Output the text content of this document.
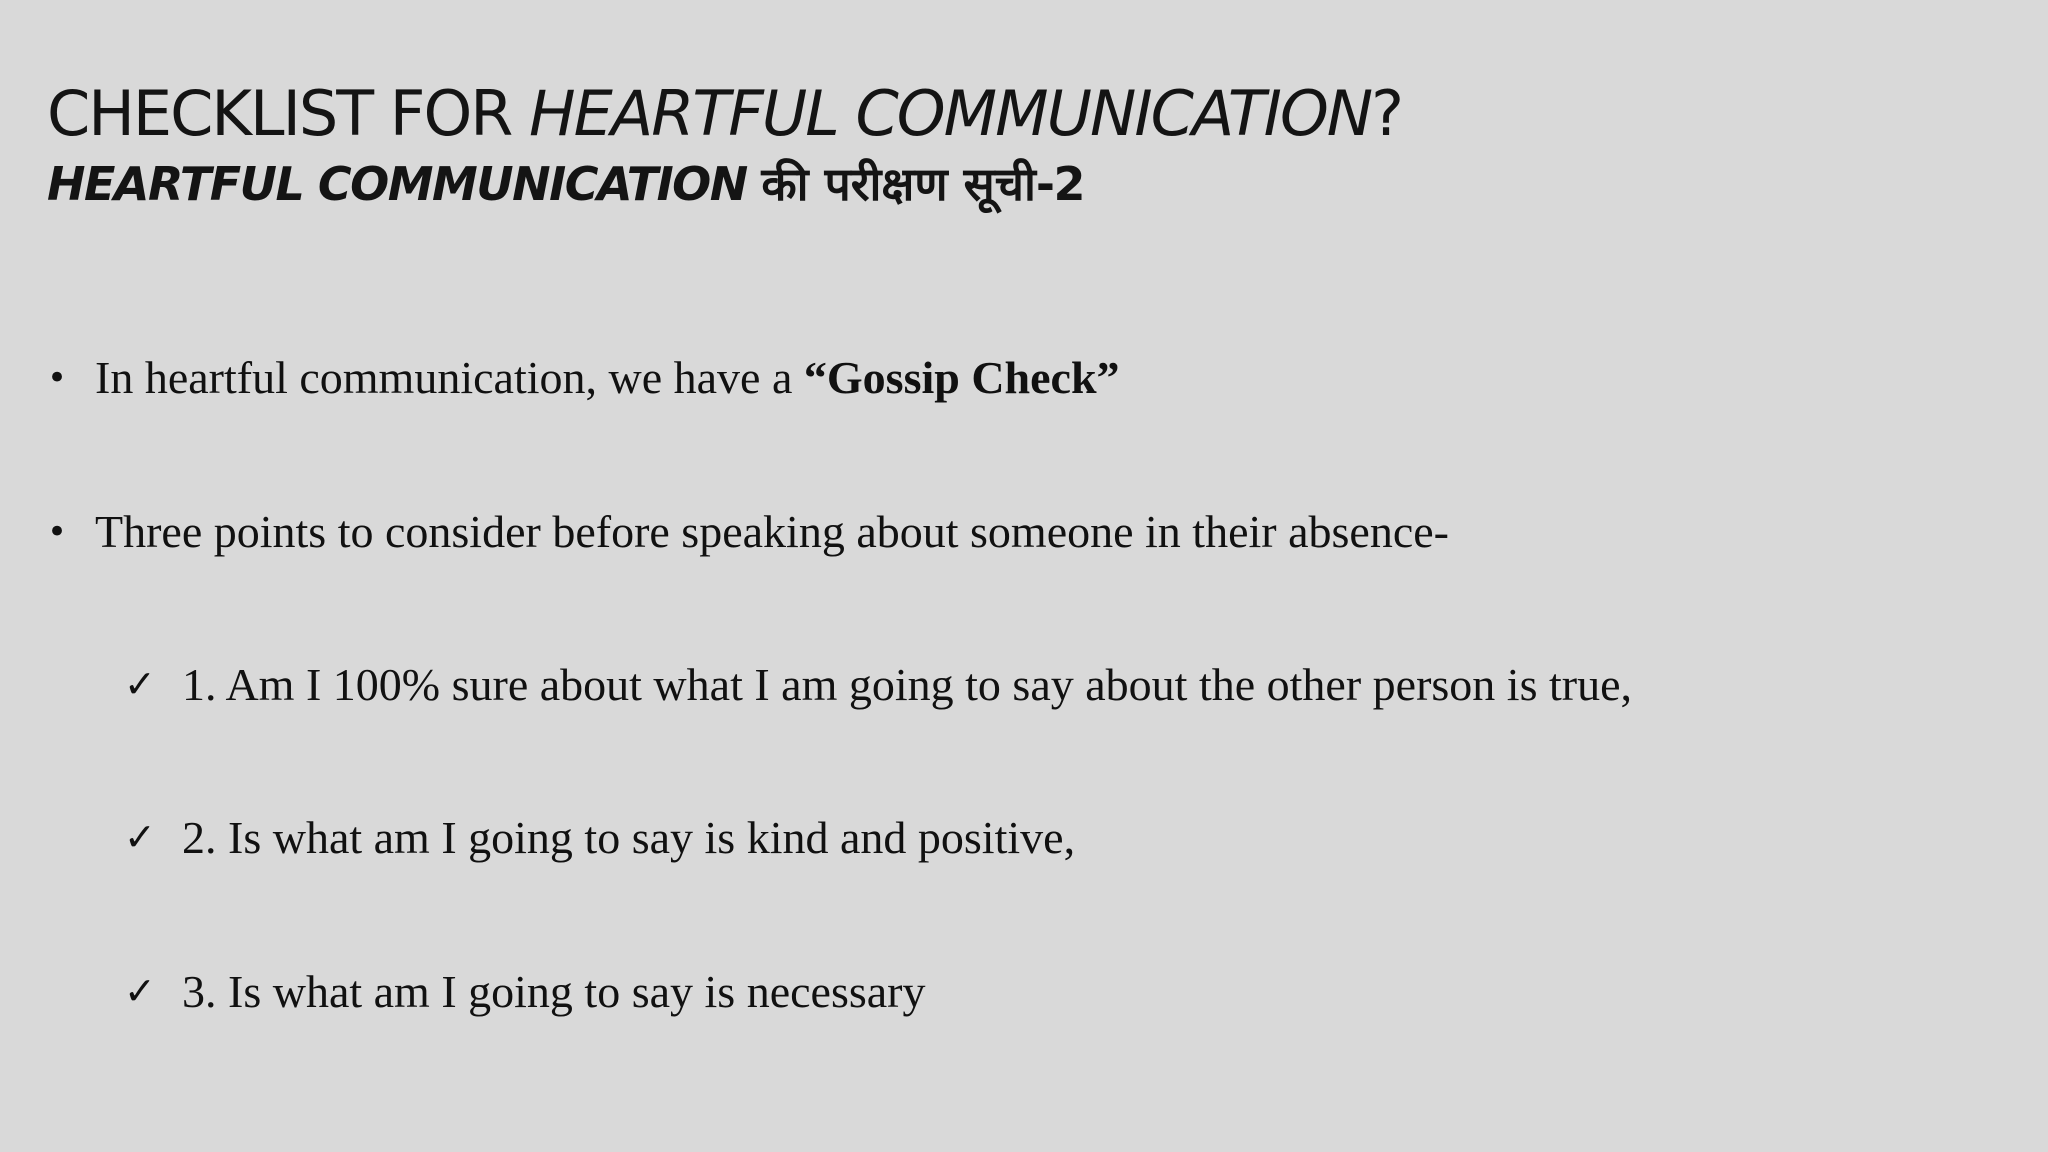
CHECKLIST FOR HEARTFUL COMMUNICATION?
HEARTFUL COMMUNICATION की परीक्षण सूची-2
• In heartful communication, we have a “Gossip Check”
• Three points to consider before speaking about someone in their absence-
✓ 1. Am I 100% sure about what I am going to say about the other person is true,
✓ 2. Is what am I going to say is kind and positive,
✓ 3. Is what am I going to say is necessary
